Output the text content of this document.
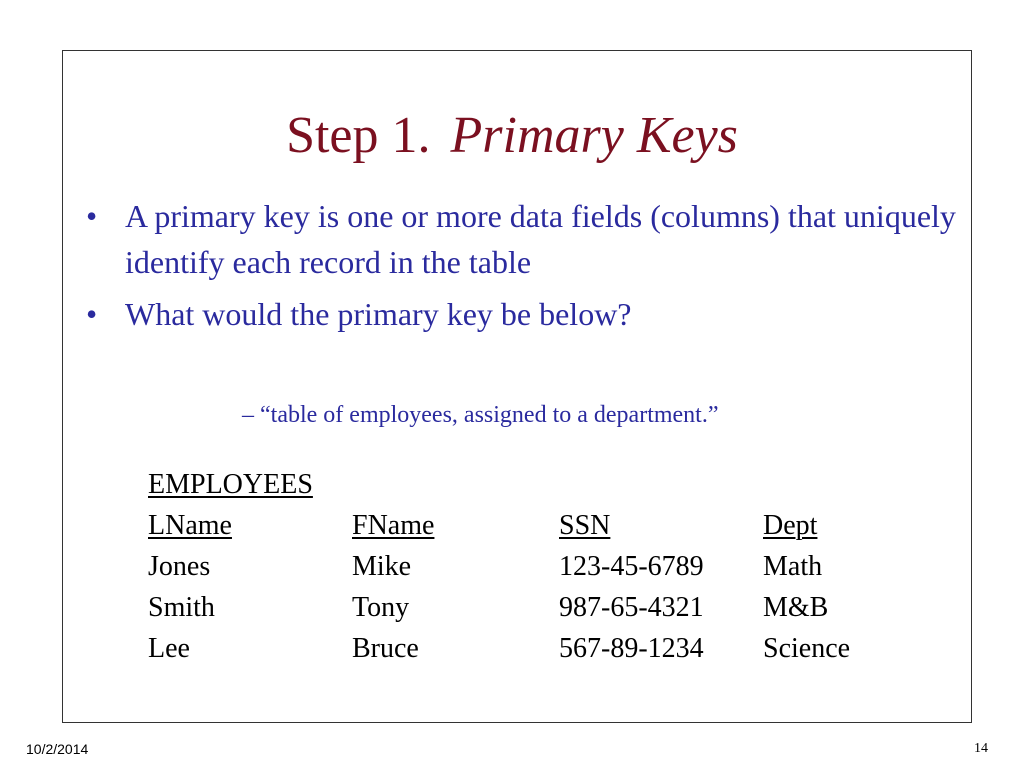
Step 1. Primary Keys
• A primary key is one or more data fields (columns) that uniquely identify each record in the table
• What would the primary key be below?
– “table of employees, assigned to a department.”
EMPLOYEES			
LName	FName	SSN	Dept
Jones	Mike	123-45-6789	Math
Smith	Tony	987-65-4321	M&B
Lee	Bruce	567-89-1234	Science
10/2/2014	14
